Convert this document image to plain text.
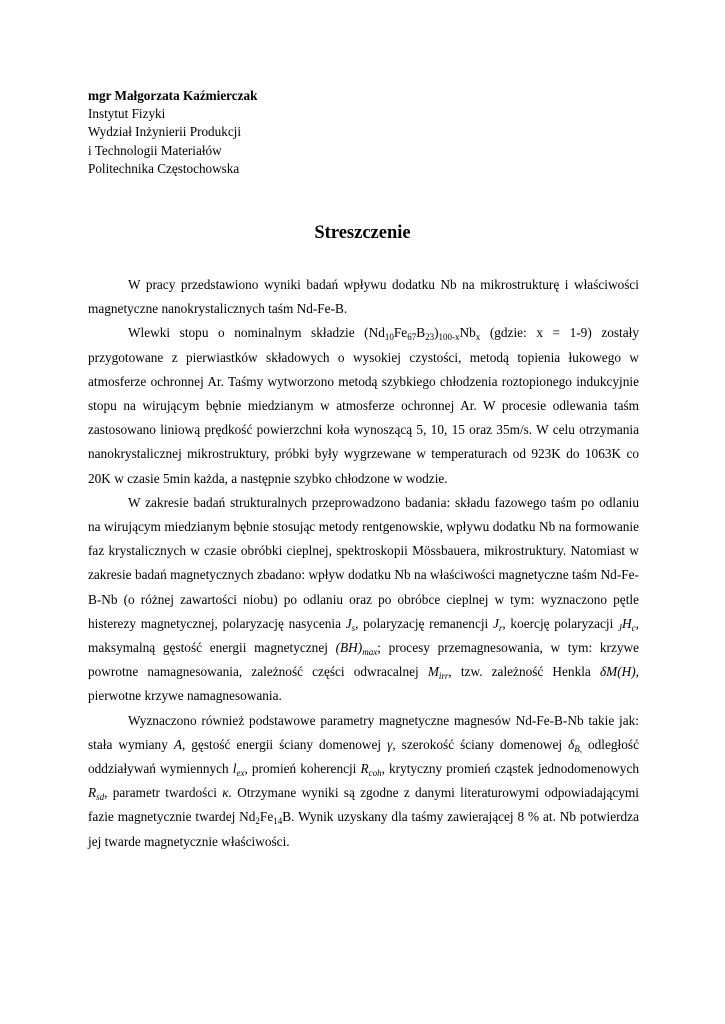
mgr Małgorzata Kaźmierczak
Instytut Fizyki
Wydział Inżynierii Produkcji
i Technologii Materiałów
Politechnika Częstochowska
Streszczenie

W pracy przedstawiono wyniki badań wpływu dodatku Nb na mikrostrukturę i właściwości magnetyczne nanokrystalicznych taśm Nd-Fe-B.

Wlewki stopu o nominalnym składzie $(Nd_{10}Fe_{67}B_{23})_{100-x}Nb_x$ (gdzie: x = 1-9) zostały przygotowane z pierwiastków składowych o wysokiej czystości, metodą topienia łukowego w atmosferze ochronnej Ar. Taśmy wytworzono metodą szybkiego chłodzenia roztopionego indukcyjnie stopu na wirującym bębnie miedzianym w atmosferze ochronnej Ar. W procesie odlewania taśm zastosowano liniową prędkość powierzchni koła wynoszącą 5, 10, 15 oraz 35m/s. W celu otrzymania nanokrystalicznej mikrostruktury, próbki były wygrzewane w temperaturach od 923K do 1063K co 20K w czasie 5min każda, a następnie szybko chłodzone w wodzie.

W zakresie badań strukturalnych przeprowadzono badania: składu fazowego taśm po odlaniu na wirującym miedzianym bębnie stosując metody rentgenowskie, wpływu dodatku Nb na formowanie faz krystalicznych w czasie obróbki cieplnej, spektroskopii Mössbauera, mikrostruktury. Natomiast w zakresie badań magnetycznych zbadano: wpływ dodatku Nb na właściwości magnetyczne taśm Nd-Fe-B-Nb (o różnej zawartości niobu) po odlaniu oraz po obróbce cieplnej w tym: wyznaczono pętle histerezy magnetycznej, polaryzację nasycenia $J_s$, polaryzację remanencji $J_r$, koercję polaryzacji $_JH_c$, maksymalną gęstość energii magnetycznej $(BH)_{max}$; procesy przemagnesowania, w tym: krzywe powrotne namagnesowania, zależność części odwracalnej $M_{irr}$, tzw. zależność Henkla δM(H), pierwotne krzywe namagnesowania.

Wyznaczono również podstawowe parametry magnetyczne magnesów Nd-Fe-B-Nb takie jak: stała wymiany A, gęstość energii ściany domenowej γ, szerokość ściany domenowej $\delta_{B,}$ odległość oddziaływań wymiennych $l_{ex}$, promień koherencji $R_{coh}$, krytyczny promień cząstek jednodomenowych $R_{sd}$, parametr twardości κ. Otrzymane wyniki są zgodne z danymi literaturowymi odpowiadającymi fazie magnetycznie twardej $Nd_2Fe_{14}B$. Wynik uzyskany dla taśmy zawierającej 8 % at. Nb potwierdza jej twarde magnetycznie właściwości.
